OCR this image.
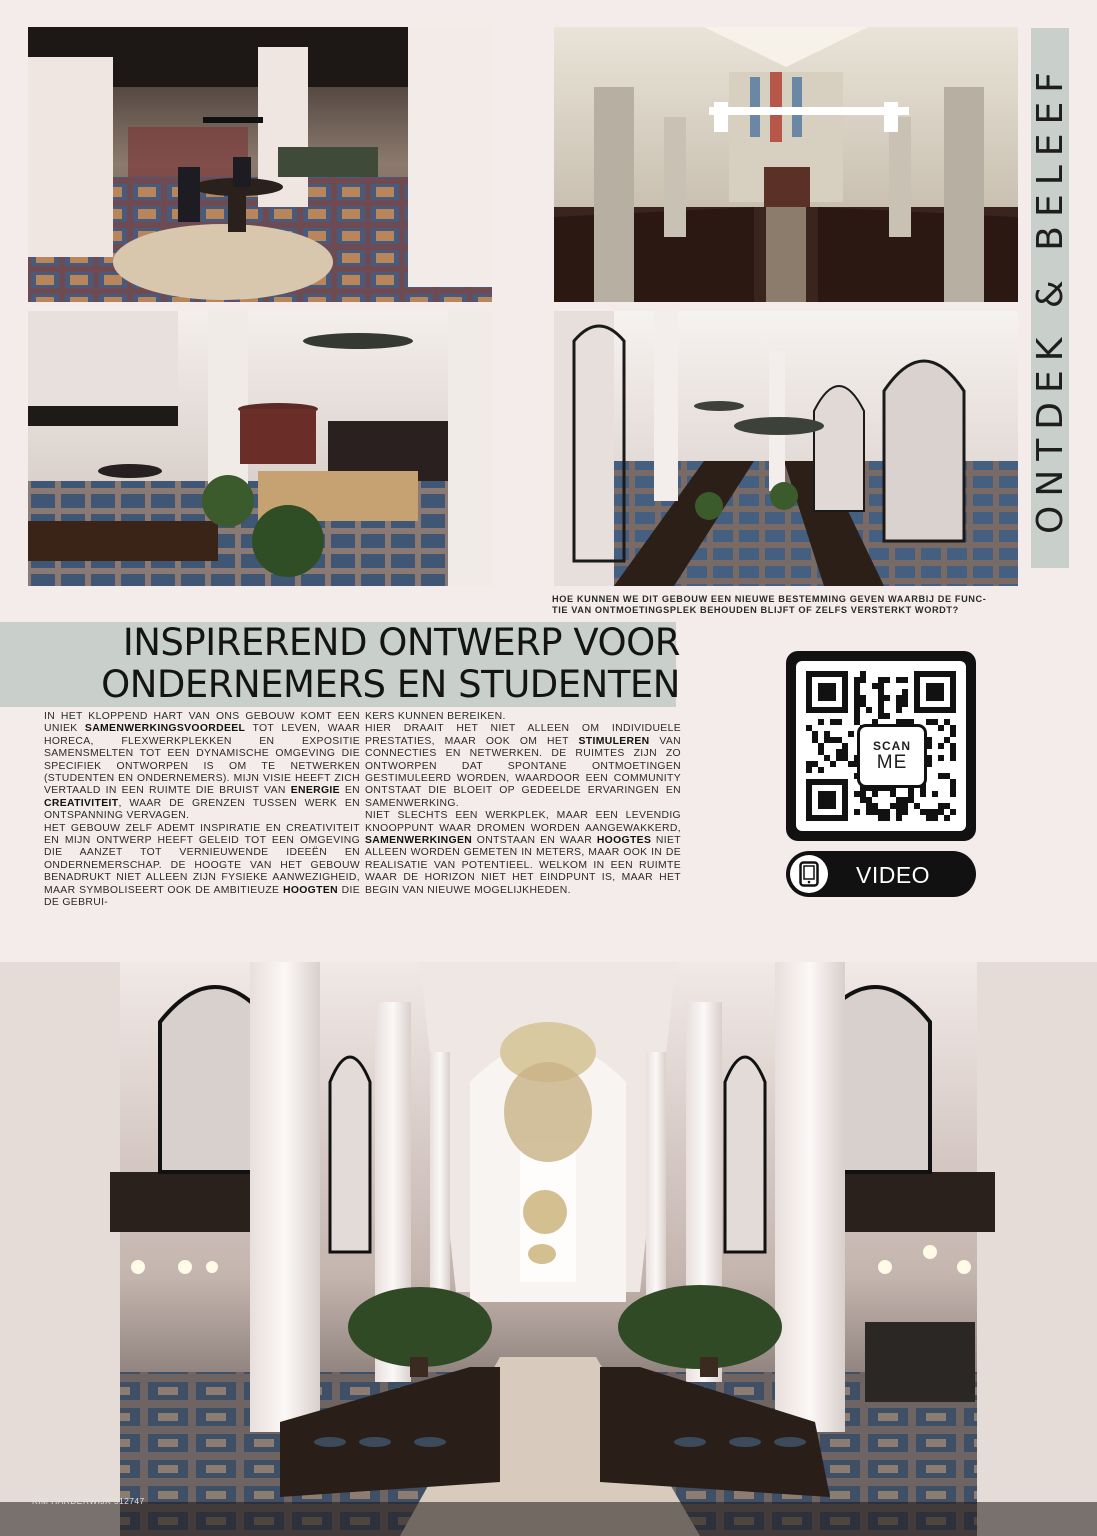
ONTDEK & BELEEF
HOE KUNNEN WE DIT GEBOUW EEN NIEUWE BESTEMMING GEVEN WAARBIJ DE FUNC-
TIE VAN ONTMOETINGSPLEK BEHOUDEN BLIJFT OF ZELFS VERSTERKT WORDT?
INSPIREREND ONTWERP VOOR
ONDERNEMERS EN STUDENTEN

IN HET KLOPPEND HART VAN ONS GEBOUW KOMT EEN UNIEK SAMENWERKINGSVOORDEEL TOT LEVEN, WAAR HORECA, FLEXWERKPLEKKEN EN EXPOSITIE SAMENSMELTEN TOT EEN DYNAMISCHE OMGEVING DIE SPECIFIEK ONTWORPEN IS OM TE NETWERKEN (STUDENTEN EN ONDERNEMERS). MIJN VISIE HEEFT ZICH VERTAALD IN EEN RUIMTE DIE BRUIST VAN ENERGIE EN CREATIVITEIT, WAAR DE GRENZEN TUSSEN WERK EN ONTSPANNING VERVAGEN.

HET GEBOUW ZELF ADEMT INSPIRATIE EN CREATIVITEIT EN MIJN ONTWERP HEEFT GELEID TOT EEN OMGEVING DIE AANZET TOT VERNIEUWENDE IDEEËN EN ONDERNEMERSCHAP. DE HOOGTE VAN HET GEBOUW BENADRUKT NIET ALLEEN ZIJN FYSIEKE AANWEZIGHEID, MAAR SYMBOLISEERT OOK DE AMBITIEUZE HOOGTEN DIE DE GEBRUI-

KERS KUNNEN BEREIKEN.

HIER DRAAIT HET NIET ALLEEN OM INDIVIDUELE PRESTATIES, MAAR OOK OM HET STIMULEREN VAN CONNECTIES EN NETWERKEN. DE RUIMTES ZIJN ZO ONTWORPEN DAT SPONTANE ONTMOETINGEN GESTIMULEERD WORDEN, WAARDOOR EEN COMMUNITY ONTSTAAT DIE BLOEIT OP GEDEELDE ERVARINGEN EN SAMENWERKING.

NIET SLECHTS EEN WERKPLEK, MAAR EEN LEVENDIG KNOOPPUNT WAAR DROMEN WORDEN AANGEWAKKERD, SAMENWERKINGEN ONTSTAAN EN WAAR HOOGTES NIET ALLEEN WORDEN GEMETEN IN METERS, MAAR OOK IN DE REALISATIE VAN POTENTIEEL. WELKOM IN EEN RUIMTE WAAR DE HORIZON NIET HET EINDPUNT IS, MAAR HET BEGIN VAN NIEUWE MOGELIJKHEDEN.

SCAN
ME
VIDEO
KIM HARDERWIJK 512747
